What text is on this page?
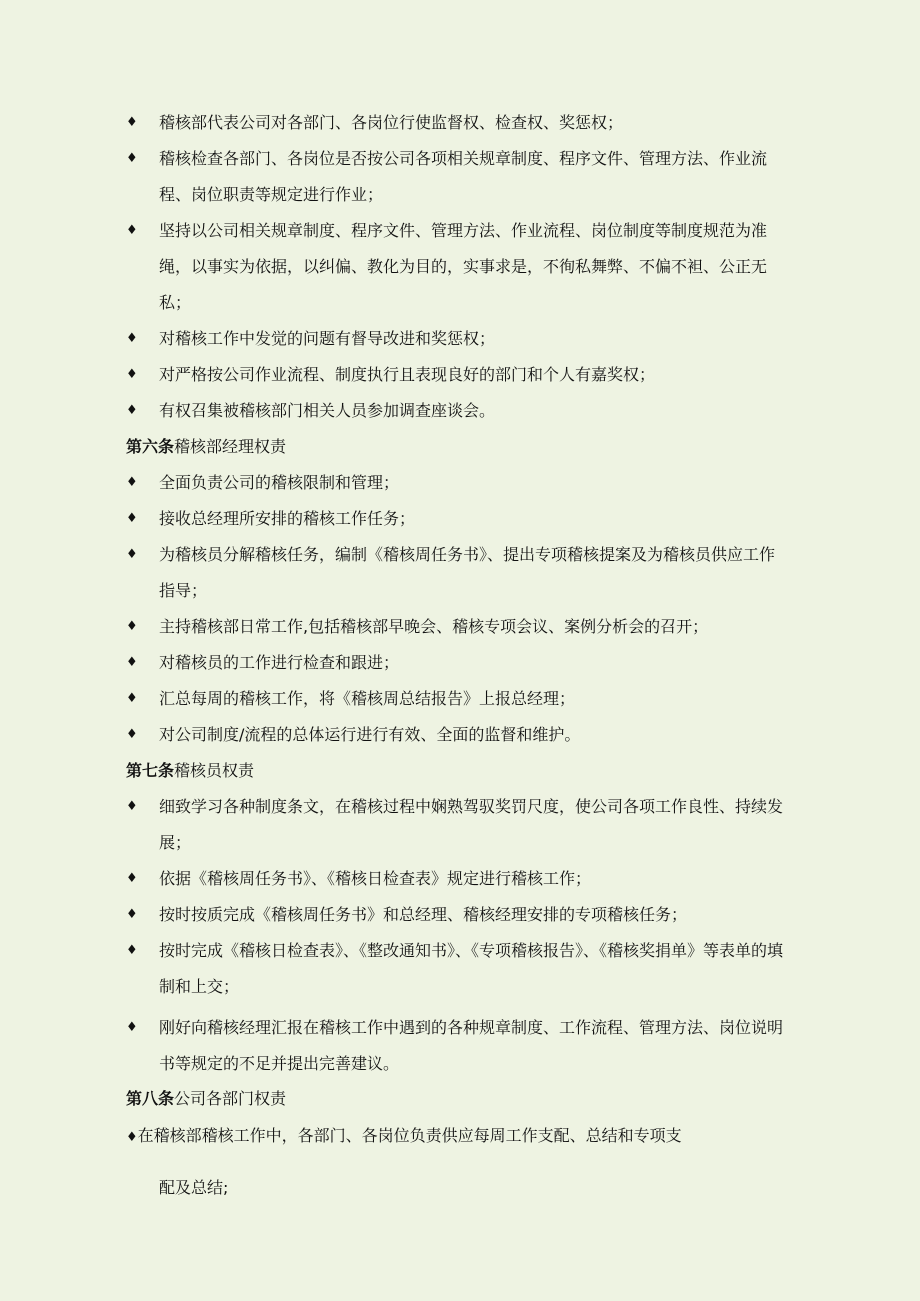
♦ 稽核部代表公司对各部门、各岗位行使监督权、检查权、奖惩权；
♦ 稽核检查各部门、各岗位是否按公司各项相关规章制度、程序文件、管理方法、作业流程、岗位职责等规定进行作业；
♦ 坚持以公司相关规章制度、程序文件、管理方法、作业流程、岗位制度等制度规范为准绳，以事实为依据，以纠偏、教化为目的，实事求是，不徇私舞弊、不偏不袒、公正无私；
♦ 对稽核工作中发觉的问题有督导改进和奖惩权；
♦ 对严格按公司作业流程、制度执行且表现良好的部门和个人有嘉奖权；
♦ 有权召集被稽核部门相关人员参加调查座谈会。
第六条稽核部经理权责
♦ 全面负责公司的稽核限制和管理；
♦ 接收总经理所安排的稽核工作任务；
♦ 为稽核员分解稽核任务，编制《稽核周任务书》、提出专项稽核提案及为稽核员供应工作指导；
♦ 主持稽核部日常工作,包括稽核部早晚会、稽核专项会议、案例分析会的召开；
♦ 对稽核员的工作进行检查和跟进；
♦ 汇总每周的稽核工作，将《稽核周总结报告》上报总经理；
♦ 对公司制度/流程的总体运行进行有效、全面的监督和维护。
第七条稽核员权责
♦ 细致学习各种制度条文，在稽核过程中娴熟驾驭奖罚尺度，使公司各项工作良性、持续发展；
♦ 依据《稽核周任务书》、《稽核日检查表》规定进行稽核工作；
♦ 按时按质完成《稽核周任务书》和总经理、稽核经理安排的专项稽核任务；
♦ 按时完成《稽核日检查表》、《整改通知书》、《专项稽核报告》、《稽核奖捐单》等表单的填制和上交；
♦ 刚好向稽核经理汇报在稽核工作中遇到的各种规章制度、工作流程、管理方法、岗位说明书等规定的不足并提出完善建议。
第八条公司各部门权责
♦在稽核部稽核工作中，各部门、各岗位负责供应每周工作支配、总结和专项支
配及总结;
